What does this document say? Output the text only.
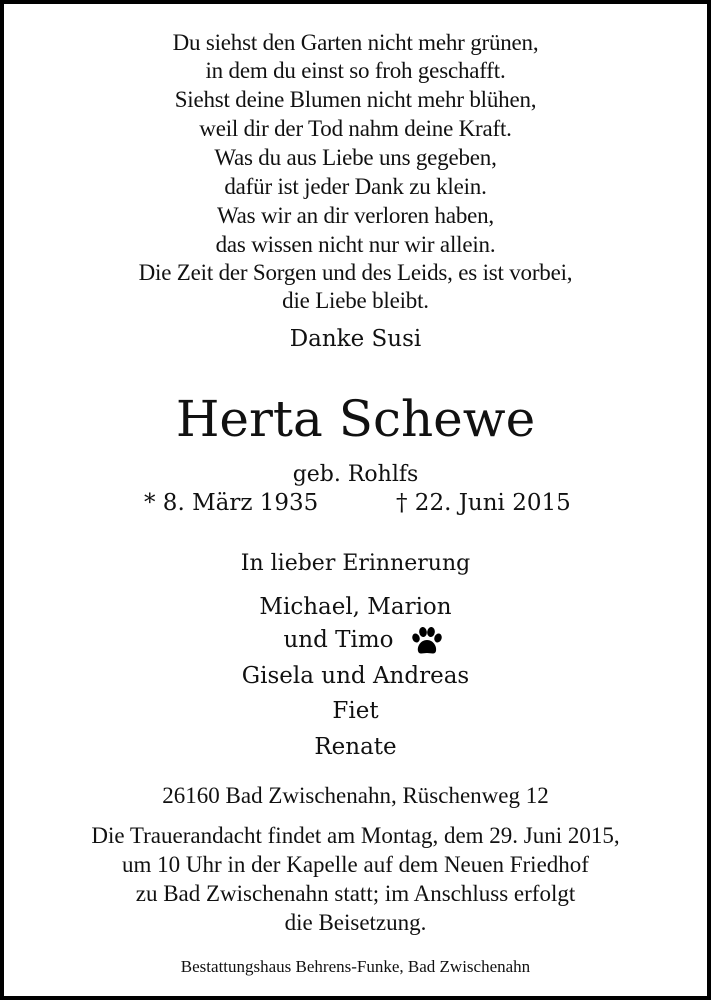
Du siehst den Garten nicht mehr grünen,
in dem du einst so froh geschafft.
Siehst deine Blumen nicht mehr blühen,
weil dir der Tod nahm deine Kraft.
Was du aus Liebe uns gegeben,
dafür ist jeder Dank zu klein.
Was wir an dir verloren haben,
das wissen nicht nur wir allein.
Die Zeit der Sorgen und des Leids, es ist vorbei,
die Liebe bleibt.
Danke Susi
Herta Schewe
geb. Rohlfs
* 8. März 1935	† 22. Juni 2015
In lieber Erinnerung
Michael, Marion
und Timo
Gisela und Andreas
Fiet
Renate
26160 Bad Zwischenahn, Rüschenweg 12
Die Trauerandacht findet am Montag, dem 29. Juni 2015,
um 10 Uhr in der Kapelle auf dem Neuen Friedhof
zu Bad Zwischenahn statt; im Anschluss erfolgt
die Beisetzung.
Bestattungshaus Behrens-Funke, Bad Zwischenahn
